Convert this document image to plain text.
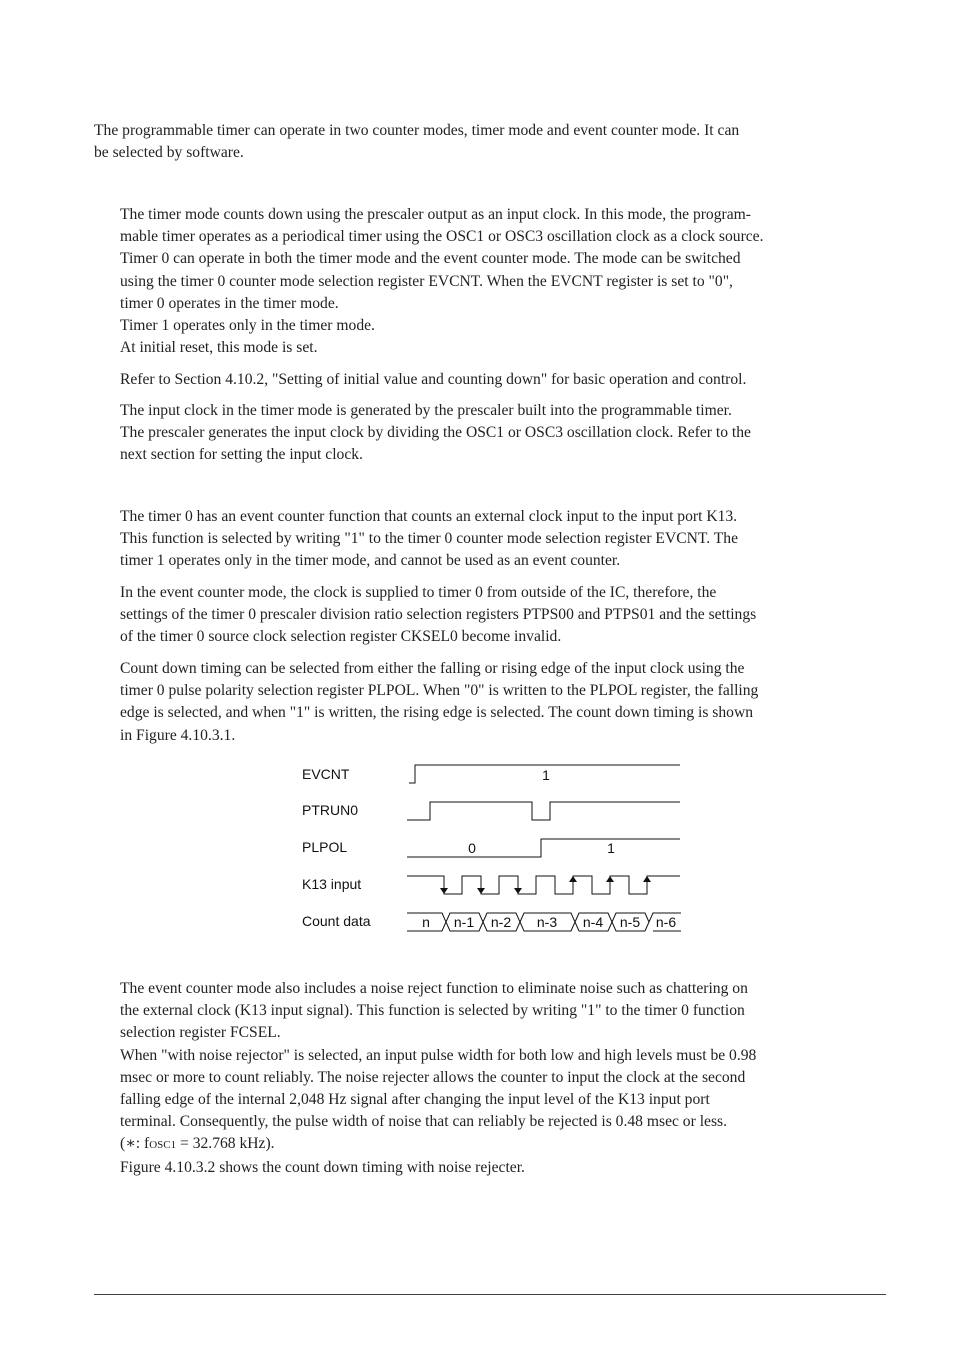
The programmable timer can operate in two counter modes, timer mode and event counter mode. It can
be selected by software.
The timer mode counts down using the prescaler output as an input clock. In this mode, the program-
mable timer operates as a periodical timer using the OSC1 or OSC3 oscillation clock as a clock source.
Timer 0 can operate in both the timer mode and the event counter mode. The mode can be switched
using the timer 0 counter mode selection register EVCNT. When the EVCNT register is set to "0",
timer 0 operates in the timer mode.
Timer 1 operates only in the timer mode.
At initial reset, this mode is set.
Refer to Section 4.10.2, "Setting of initial value and counting down" for basic operation and control.
The input clock in the timer mode is generated by the prescaler built into the programmable timer.
The prescaler generates the input clock by dividing the OSC1 or OSC3 oscillation clock. Refer to the
next section for setting the input clock.
The timer 0 has an event counter function that counts an external clock input to the input port K13.
This function is selected by writing "1" to the timer 0 counter mode selection register EVCNT. The
timer 1 operates only in the timer mode, and cannot be used as an event counter.
In the event counter mode, the clock is supplied to timer 0 from outside of the IC, therefore, the
settings of the timer 0 prescaler division ratio selection registers PTPS00 and PTPS01 and the settings
of the timer 0 source clock selection register CKSEL0 become invalid.
Count down timing can be selected from either the falling or rising edge of the input clock using the
timer 0 pulse polarity selection register PLPOL. When "0" is written to the PLPOL register, the falling
edge is selected, and when "1" is written, the rising edge is selected. The count down timing is shown
in Figure 4.10.3.1.
EVCNT
PTRUN0
PLPOL
K13 input
Count data
1
0	1
n n-1 n-2 n-3 n-4 n-5 n-6
The event counter mode also includes a noise reject function to eliminate noise such as chattering on
the external clock (K13 input signal). This function is selected by writing "1" to the timer 0 function
selection register FCSEL.
When "with noise rejector" is selected, an input pulse width for both low and high levels must be 0.98
msec or more to count reliably. The noise rejecter allows the counter to input the clock at the second
falling edge of the internal 2,048 Hz signal after changing the input level of the K13 input port
terminal. Consequently, the pulse width of noise that can reliably be rejected is 0.48 msec or less.
(∗: fOSC1 = 32.768 kHz).
Figure 4.10.3.2 shows the count down timing with noise rejecter.
